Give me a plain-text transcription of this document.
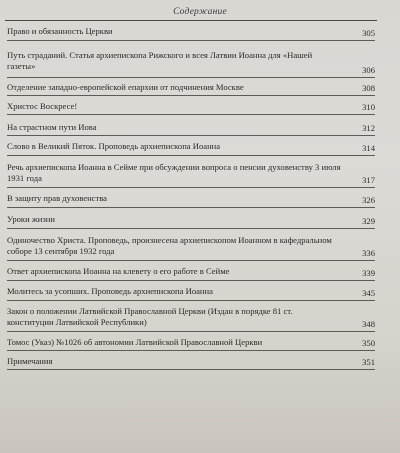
Содержание
Право и обязанность Церкви	305
Путь страданий. Статья архиепископа Рижского и всея Латвии Иоанна для «Нашей газеты»	306
Отделение западно-европейской епархии от подчинения Москве	308
Христос Воскресе!	310
На страстном пути Иова	312
Слово в Великий Пяток. Проповедь архиепископа Иоанна	314
Речь архиепископа Иоанна в Сейме при обсуждении вопроса о пенсии духовенству 3 июля 1931 года	317
В защиту прав духовенства	326
Уроки жизни	329
Одиночество Христа. Проповедь, произнесена архиепископом Иоанном в кафедральном соборе 13 сентября 1932 года	336
Ответ архиепископа Иоанна на клевету о его работе в Сейме	339
Молитесь за усопших. Проповедь архиепископа Иоанна	345
Закон о положении Латвийской Православной Церкви (Издан в порядке 81 ст. конституции Латвийской Республики)	348
Томос (Указ) №1026 об автономии Латвийской Православной Церкви	350
Примечания	351
